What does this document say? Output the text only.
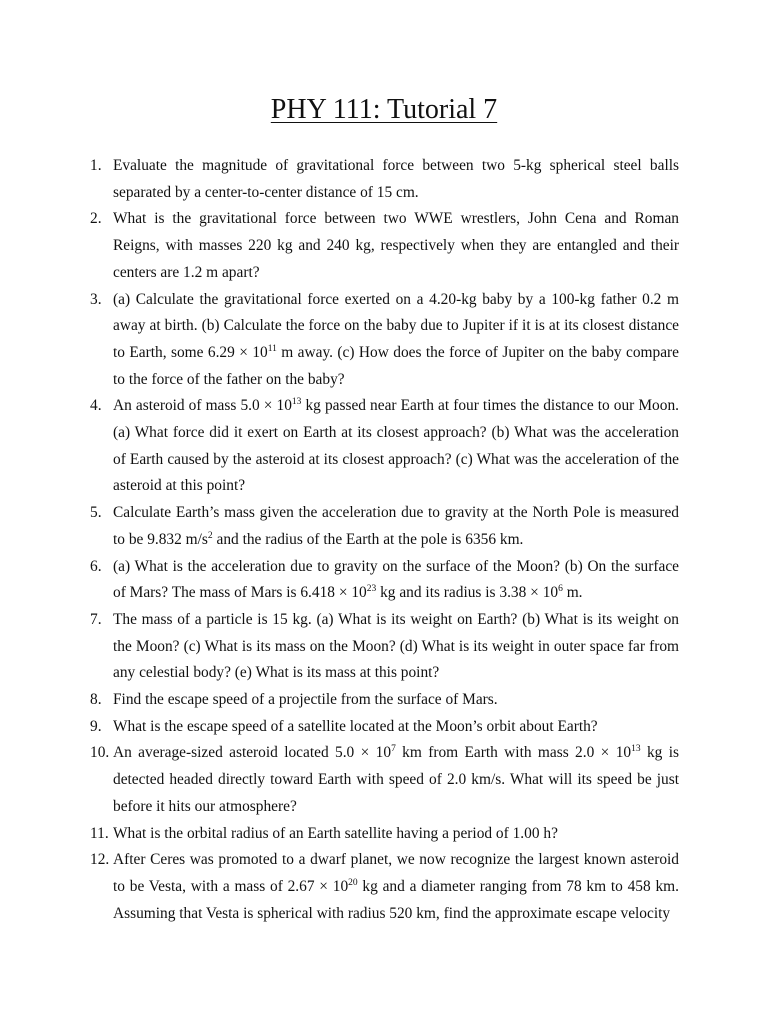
PHY 111: Tutorial 7
1. Evaluate the magnitude of gravitational force between two 5-kg spherical steel balls separated by a center-to-center distance of 15 cm.
2. What is the gravitational force between two WWE wrestlers, John Cena and Roman Reigns, with masses 220 kg and 240 kg, respectively when they are entangled and their centers are 1.2 m apart?
3. (a) Calculate the gravitational force exerted on a 4.20-kg baby by a 100-kg father 0.2 m away at birth. (b) Calculate the force on the baby due to Jupiter if it is at its closest distance to Earth, some $6.29 \times 10^{11}$ m away. (c) How does the force of Jupiter on the baby compare to the force of the father on the baby?
4. An asteroid of mass $5.0 \times 10^{13}$ kg passed near Earth at four times the distance to our Moon. (a) What force did it exert on Earth at its closest approach? (b) What was the acceleration of Earth caused by the asteroid at its closest approach? (c) What was the acceleration of the asteroid at this point?
5. Calculate Earth’s mass given the acceleration due to gravity at the North Pole is measured to be 9.832 $m/s^2$ and the radius of the Earth at the pole is 6356 km.
6. (a) What is the acceleration due to gravity on the surface of the Moon? (b) On the surface of Mars? The mass of Mars is $6.418 \times 10^{23}$ kg and its radius is $3.38 \times 10^6$ m.
7. The mass of a particle is 15 kg. (a) What is its weight on Earth? (b) What is its weight on the Moon? (c) What is its mass on the Moon? (d) What is its weight in outer space far from any celestial body? (e) What is its mass at this point?
8. Find the escape speed of a projectile from the surface of Mars.
9. What is the escape speed of a satellite located at the Moon’s orbit about Earth?
10. An average-sized asteroid located $5.0 \times 10^7$ km from Earth with mass $2.0 \times 10^{13}$ kg is detected headed directly toward Earth with speed of 2.0 km/s. What will its speed be just before it hits our atmosphere?
11. What is the orbital radius of an Earth satellite having a period of 1.00 h?
12. After Ceres was promoted to a dwarf planet, we now recognize the largest known asteroid to be Vesta, with a mass of $2.67 \times 10^{20}$ kg and a diameter ranging from 78 km to 458 km. Assuming that Vesta is spherical with radius 520 km, find the approximate escape velocity
